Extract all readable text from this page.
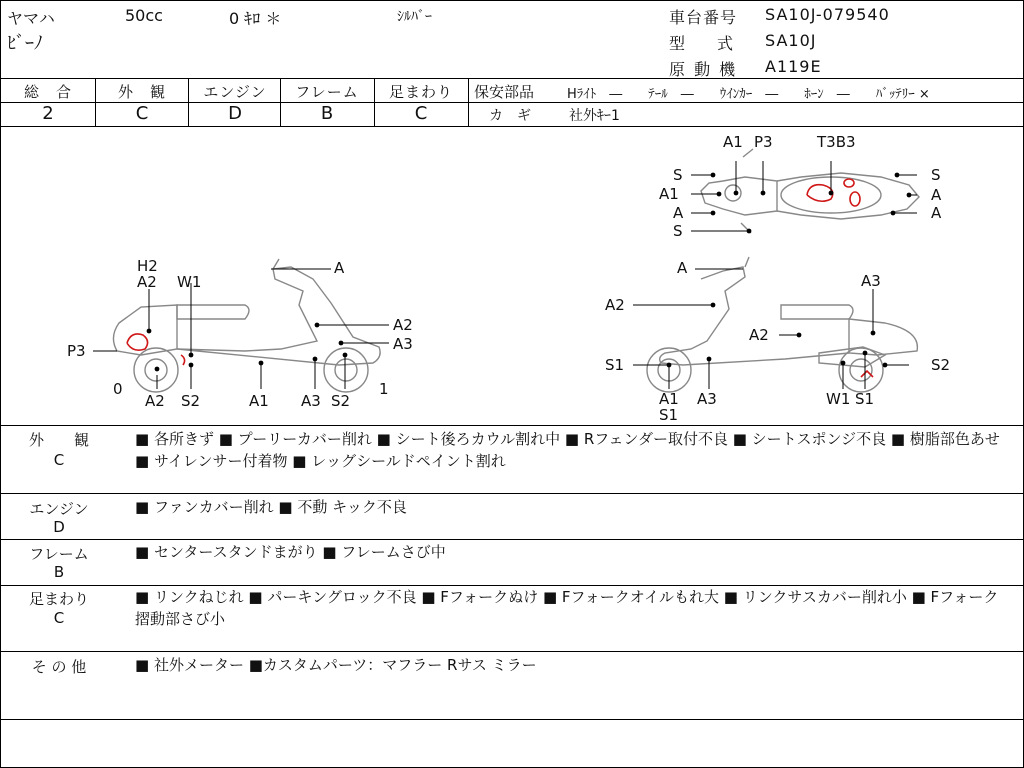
ヤマハ	50cc	0 ｷﾛ ＊	ｼﾙﾊﾞｰ
ﾋﾞｰﾉ
車台番号 SA10J-079540
型　　式 SA10J
原 動 機 A119E
総　合	外　観	エンジン	フレーム	足まわり
2	C	D	B	C
保安部品	Hﾗｲﾄ　―　　ﾃｰﾙ　―　　ｳｲﾝｶｰ　―　　ﾎｰﾝ　―　　ﾊﾞｯﾃﾘｰ ×
カ　ギ	社外ｷｰ1
A1 P3	T3B3
S
A1
A
S
S
A
A
H2
A2 W1
A
A2
A3
P3
0	1
A2 S2	A1 A3 S2
A
A3
A2
A2
S1	S2
A1
S1
A3	W1 S1
外　　観
C
■ 各所きず ■ プーリーカバー削れ ■ シート後ろカウル割れ中 ■ Rフェンダー取付不良 ■ シートスポンジ不良 ■ 樹脂部色あせ ■ サイレンサー付着物 ■ レッグシールドペイント割れ
エンジン
D
■ ファンカバー削れ ■ 不動 キック不良
フレーム
B
■ センタースタンドまがり ■ フレームさび中
足まわり
C
■ リンクねじれ ■ パーキングロック不良 ■ Fフォークぬけ ■ Fフォークオイルもれ大 ■ リンクサスカバー削れ小 ■ Fフォーク摺動部さび小
そ の 他	■ 社外メーター ■カスタムパーツ：マフラー Rサス ミラー
